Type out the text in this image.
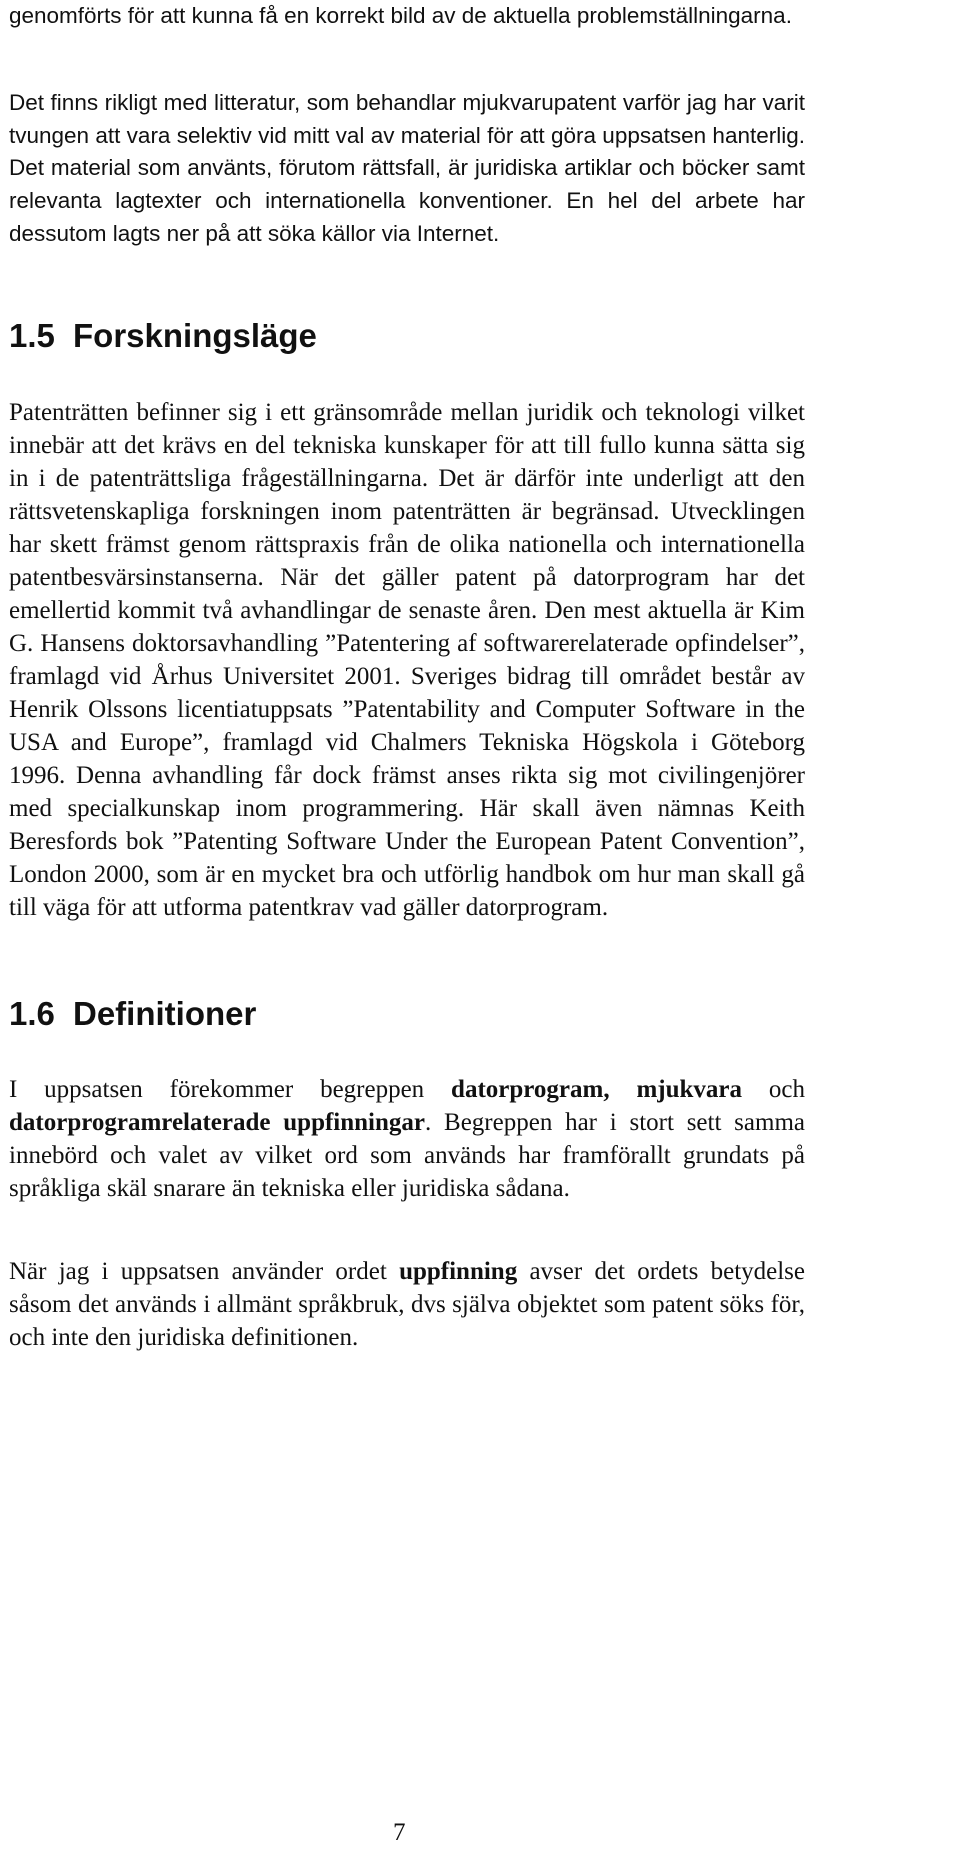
genomförts för att kunna få en korrekt bild av de aktuella problemställningarna.

Det finns rikligt med litteratur, som behandlar mjukvarupatent varför jag har varit tvungen att vara selektiv vid mitt val av material för att göra uppsatsen hanterlig. Det material som använts, förutom rättsfall, är juridiska artiklar och böcker samt relevanta lagtexter och internationella konventioner. En hel del arbete har dessutom lagts ner på att söka källor via Internet.

1.5 Forskningsläge

Patenträtten befinner sig i ett gränsområde mellan juridik och teknologi vilket innebär att det krävs en del tekniska kunskaper för att till fullo kunna sätta sig in i de patenträttsliga frågeställningarna. Det är därför inte underligt att den rättsvetenskapliga forskningen inom patenträtten är begränsad. Utvecklingen har skett främst genom rättspraxis från de olika nationella och internationella patentbesvärsinstanserna. När det gäller patent på datorprogram har det emellertid kommit två avhandlingar de senaste åren. Den mest aktuella är Kim G. Hansens doktorsavhandling ”Patentering af softwarerelaterade opfindelser”, framlagd vid Århus Universitet 2001. Sveriges bidrag till området består av Henrik Olssons licentiatuppsats ”Patentability and Computer Software in the USA and Europe”, framlagd vid Chalmers Tekniska Högskola i Göteborg 1996. Denna avhandling får dock främst anses rikta sig mot civilingenjörer med specialkunskap inom programmering. Här skall även nämnas Keith Beresfords bok ”Patenting Software Under the European Patent Convention”, London 2000, som är en mycket bra och utförlig handbok om hur man skall gå till väga för att utforma patentkrav vad gäller datorprogram.

1.6 Definitioner

I uppsatsen förekommer begreppen datorprogram, mjukvara och datorprogramrelaterade uppfinningar. Begreppen har i stort sett samma innebörd och valet av vilket ord som används har framförallt grundats på språkliga skäl snarare än tekniska eller juridiska sådana.

När jag i uppsatsen använder ordet uppfinning avser det ordets betydelse såsom det används i allmänt språkbruk, dvs själva objektet som patent söks för, och inte den juridiska definitionen.

7
